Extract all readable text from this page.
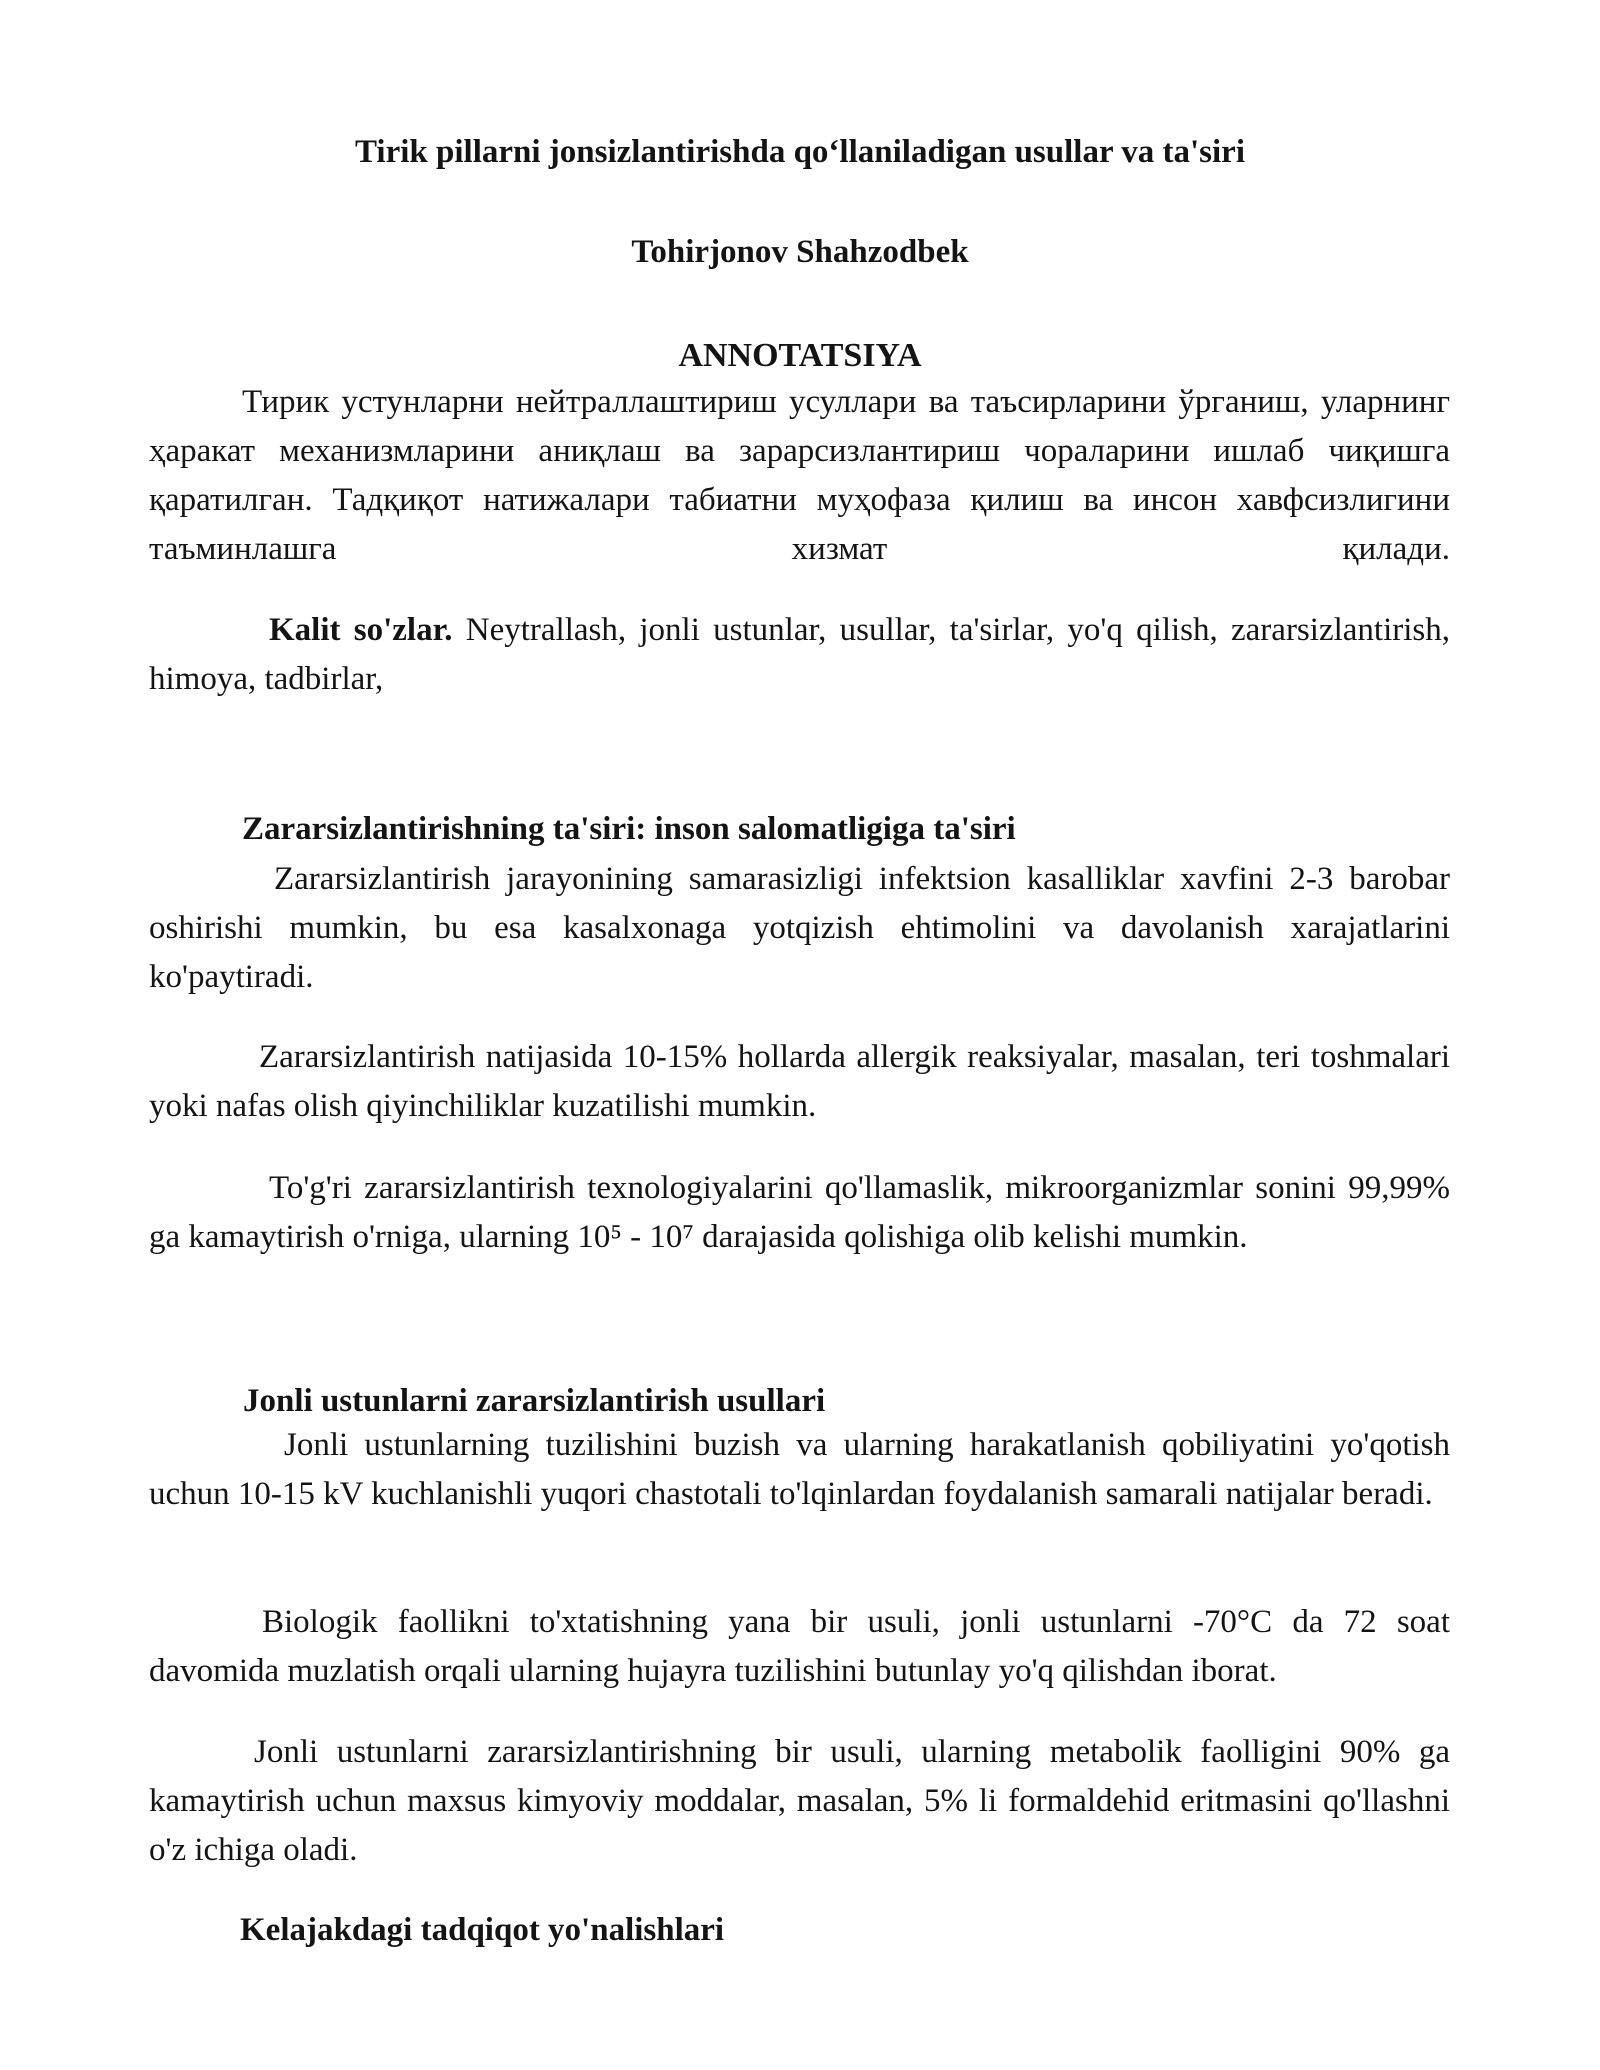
Tirik pillarni jonsizlantirishda qo‘llaniladigan usullar va ta'siri

Tohirjonov Shahzodbek

ANNOTATSIYA

Тирик устунларни нейтраллаштириш усуллари ва таъсирларини ўрганиш, уларнинг ҳаракат механизмларини аниқлаш ва зарарсизлантириш чораларини ишлаб чиқишга қаратилган. Тадқиқот натижалари табиатни муҳофаза қилиш ва инсон хавфсизлигини таъминлашга хизмат қилади.

Kalit so'zlar. Neytrallash, jonli ustunlar, usullar, ta'sirlar, yo'q qilish, zararsizlantirish, himoya, tadbirlar,

Zararsizlantirishning ta'siri: inson salomatligiga ta'siri

Zararsizlantirish jarayonining samarasizligi infektsion kasalliklar xavfini 2-3 barobar oshirishi mumkin, bu esa kasalxonaga yotqizish ehtimolini va davolanish xarajatlarini ko'paytiradi.

Zararsizlantirish natijasida 10-15% hollarda allergik reaksiyalar, masalan, teri toshmalari yoki nafas olish qiyinchiliklar kuzatilishi mumkin.

To'g'ri zararsizlantirish texnologiyalarini qo'llamaslik, mikroorganizmlar sonini 99,99% ga kamaytirish o'rniga, ularning 10⁵ - 10⁷ darajasida qolishiga olib kelishi mumkin.

Jonli ustunlarni zararsizlantirish usullari

Jonli ustunlarning tuzilishini buzish va ularning harakatlanish qobiliyatini yo'qotish uchun 10-15 kV kuchlanishli yuqori chastotali to'lqinlardan foydalanish samarali natijalar beradi.

Biologik faollikni to'xtatishning yana bir usuli, jonli ustunlarni -70°C da 72 soat davomida muzlatish orqali ularning hujayra tuzilishini butunlay yo'q qilishdan iborat.

Jonli ustunlarni zararsizlantirishning bir usuli, ularning metabolik faolligini 90% ga kamaytirish uchun maxsus kimyoviy moddalar, masalan, 5% li formaldehid eritmasini qo'llashni o'z ichiga oladi.

Kelajakdagi tadqiqot yo'nalishlari
